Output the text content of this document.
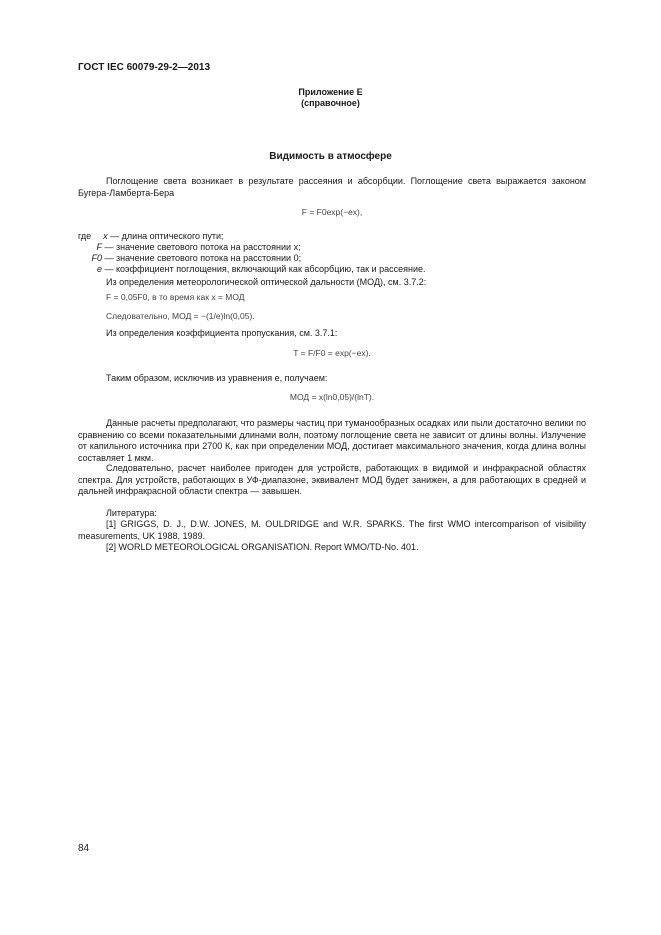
ГОСТ IEC 60079-29-2—2013
Приложение E
(справочное)
Видимость в атмосфере
Поглощение света возникает в результате рассеяния и абсорбции. Поглощение света выражается законом Бугера-Ламберта-Бера
F = F0exp(−ex),
где x — длина оптического пути;
F — значение светового потока на расстоянии x;
F0 — значение светового потока на расстоянии 0;
e — коэффициент поглощения, включающий как абсорбцию, так и рассеяние.
Из определения метеорологической оптической дальности (МОД), см. 3.7.2:
F = 0,05F0, в то время как x = МОД
Следовательно, МОД = −(1/e)ln(0,05).
Из определения коэффициента пропускания, см. 3.7.1:
T = F/F0 = exp(−ex).
Таким образом, исключив из уравнения e, получаем:
МОД = x(ln0,05)/(lnT).
Данные расчеты предполагают, что размеры частиц при туманообразных осадках или пыли достаточно велики по сравнению со всеми показательными длинами волн, поэтому поглощение света не зависит от длины волны. Излучение от капильного источника при 2700 К, как при определении МОД, достигает максимального значения, когда длина волны составляет 1 мкм.
Следовательно, расчет наиболее пригоден для устройств, работающих в видимой и инфракрасной областях спектра. Для устройств, работающих в УФ-диапазоне, эквивалент МОД будет занижен, а для работающих в средней и дальней инфракрасной области спектра — завышен.
Литература:
[1] GRIGGS, D. J., D.W. JONES, M. OULDRIDGE and W.R. SPARKS. The first WMO intercomparison of visibility measurements, UK 1988, 1989.
[2] WORLD METEOROLOGICAL ORGANISATION. Report WMO/TD-No. 401.
84
